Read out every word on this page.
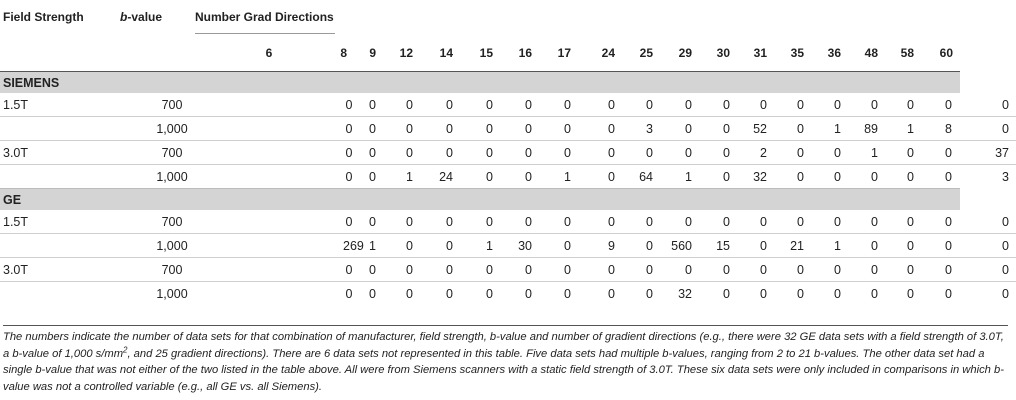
Field Strength	b-value	Number Grad Directions																	

		6	8	9	12	14	15	16	17	24	25	29	30	31	35	36	48	58	60	

SIEMENS																				
1.5T	700		0	0	0	0	0	0	0	0	0	0	0	0	0	0	0	0	0	0
	1,000		0	0	0	0	0	0	0	0	3	0	0	52	0	1	89	1	8	0
3.0T	700		0	0	0	0	0	0	0	0	0	0	0	2	0	0	1	0	0	37
	1,000		0	0	1	24	0	0	1	0	64	1	0	32	0	0	0	0	0	3
GE																				
1.5T	700		0	0	0	0	0	0	0	0	0	0	0	0	0	0	0	0	0	0
	1,000		269	1	0	0	1	30	0	9	0	560	15	0	21	1	0	0	0	0
3.0T	700		0	0	0	0	0	0	0	0	0	0	0	0	0	0	0	0	0	0
	1,000		0	0	0	0	0	0	0	0	0	32	0	0	0	0	0	0	0	0
The numbers indicate the number of data sets for that combination of manufacturer, field strength, b-value and number of gradient directions (e.g., there were 32 GE data sets with a field strength of 3.0T, a b-value of 1,000 $s/mm^2$, and 25 gradient directions). There are 6 data sets not represented in this table. Five data sets had multiple b-values, ranging from 2 to 21 b-values. The other data set had a single b-value that was not either of the two listed in the table above. All were from Siemens scanners with a static field strength of 3.0T. These six data sets were only included in comparisons in which b-value was not a controlled variable (e.g., all GE vs. all Siemens).
